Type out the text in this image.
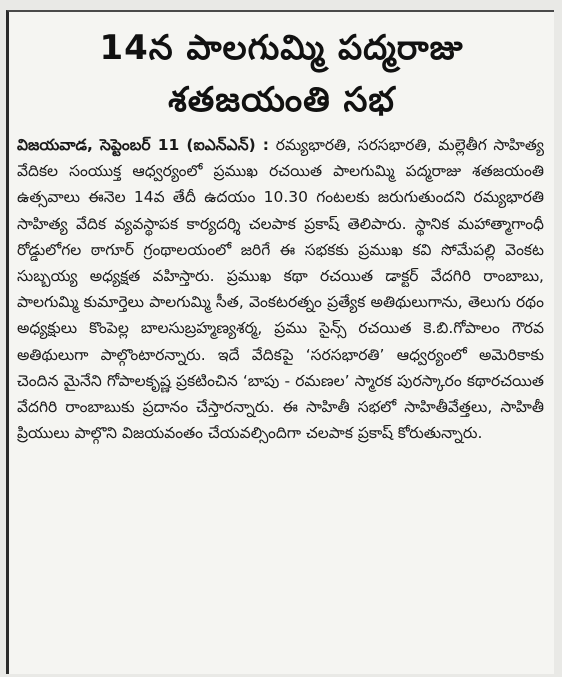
14న పాలగుమ్మి పద్మరాజు
శతజయంతి సభ

విజయవాడ, సెప్టెంబర్ 11 (ఐఎన్ఎన్) : రమ్యభారతి, సరసభారతి, మల్లెతీగ సాహిత్య వేదికల సంయుక్త ఆధ్వర్యంలో ప్రముఖ రచయిత పాలగుమ్మి పద్మరాజు శతజయంతి ఉత్సవాలు ఈనెల 14వ తేదీ ఉదయం 10.30 గంటలకు జరుగుతుందని రమ్యభారతి సాహిత్య వేదిక వ్యవస్థాపక కార్యదర్శి చలపాక ప్రకాష్ తెలిపారు. స్థానిక మహాత్మాగాంధీ రోడ్డులోగల ఠాగూర్ గ్రంథాలయంలో జరిగే ఈ సభకకు ప్రముఖ కవి సోమేపల్లి వెంకట సుబ్బయ్య అధ్యక్షత వహిస్తారు. ప్రముఖ కథా రచయిత డాక్టర్ వేదగిరి రాంబాబు, పాలగుమ్మి కుమార్తెలు పాలగుమ్మి సీత, వెంకటరత్నం ప్రత్యేక అతిథులుగాను, తెలుగు రథం అధ్యక్షులు కొంపెల్ల బాలసుబ్రహ్మణ్యశర్మ, ప్రము సైన్స్ రచయిత కె.బి.గోపాలం గౌరవ అతిథులుగా పాల్గొంటారన్నారు. ఇదే వేదికపై ‘సరసభారతి’ ఆధ్వర్యంలో అమెరికాకు చెందిన మైనేని గోపాలకృష్ణ ప్రకటించిన ‘బాపు - రమణల’ స్మారక పురస్కారం కథారచయిత వేదగిరి రాంబాబుకు ప్రదానం చేస్తారన్నారు. ఈ సాహితీ సభలో సాహితీవేత్తలు, సాహితీ ప్రియులు పాల్గొని విజయవంతం చేయవల్సిందిగా చలపాక ప్రకాష్ కోరుతున్నారు.
